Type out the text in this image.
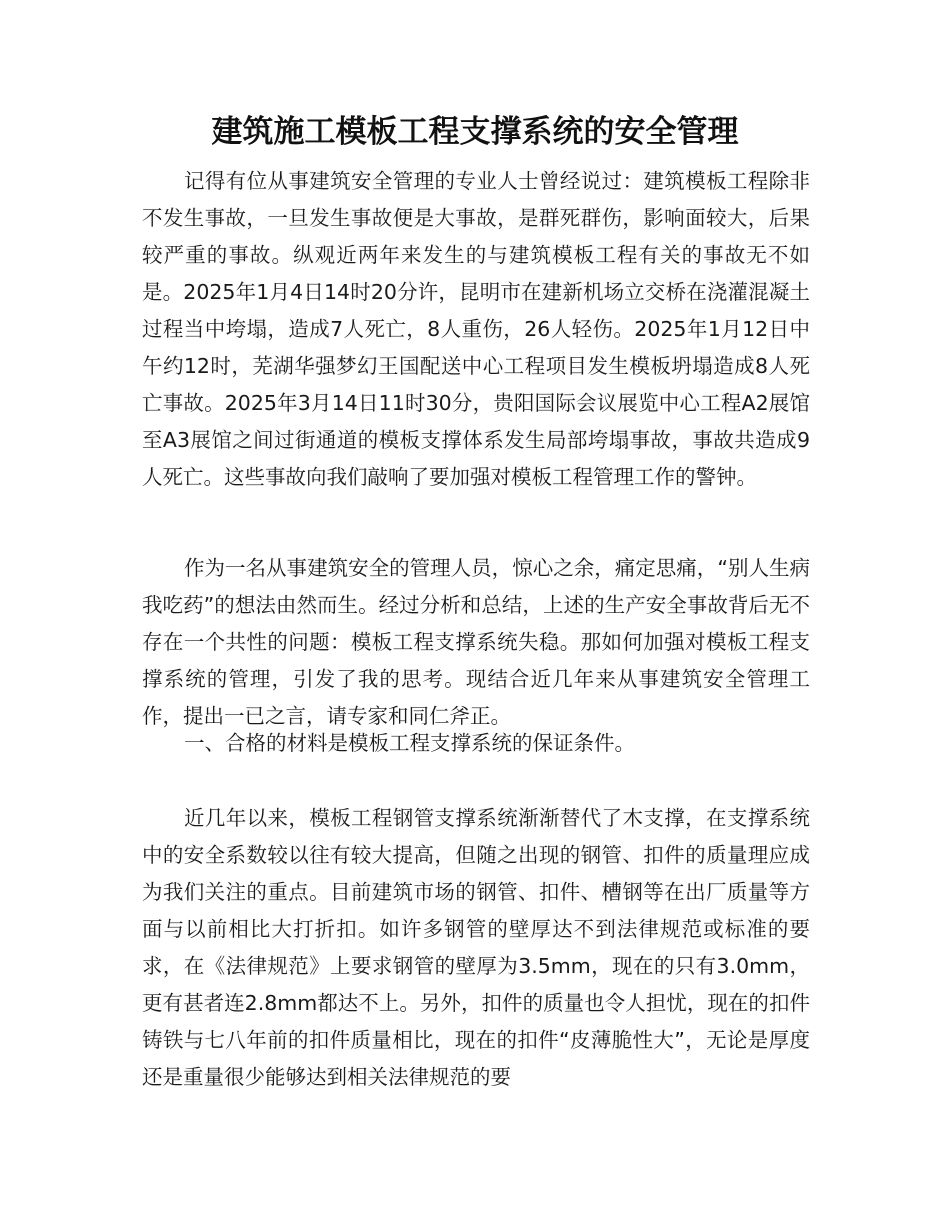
建筑施工模板工程支撑系统的安全管理

记得有位从事建筑安全管理的专业人士曾经说过：建筑模板工程除非不发生事故，一旦发生事故便是大事故，是群死群伤，影响面较大，后果较严重的事故。纵观近两年来发生的与建筑模板工程有关的事故无不如是。2025年1月4日14时20分许，昆明市在建新机场立交桥在浇灌混凝土过程当中垮塌，造成7人死亡，8人重伤，26人轻伤。2025年1月12日中午约12时，芜湖华强梦幻王国配送中心工程项目发生模板坍塌造成8人死亡事故。2025年3月14日11时30分，贵阳国际会议展览中心工程A2展馆至A3展馆之间过街通道的模板支撑体系发生局部垮塌事故，事故共造成9人死亡。这些事故向我们敲响了要加强对模板工程管理工作的警钟。

作为一名从事建筑安全的管理人员，惊心之余，痛定思痛，“别人生病我吃药”的想法由然而生。经过分析和总结，上述的生产安全事故背后无不存在一个共性的问题：模板工程支撑系统失稳。那如何加强对模板工程支撑系统的管理，引发了我的思考。现结合近几年来从事建筑安全管理工作，提出一已之言，请专家和同仁斧正。

一、合格的材料是模板工程支撑系统的保证条件。

近几年以来，模板工程钢管支撑系统渐渐替代了木支撑，在支撑系统中的安全系数较以往有较大提高，但随之出现的钢管、扣件的质量理应成为我们关注的重点。目前建筑市场的钢管、扣件、槽钢等在出厂质量等方面与以前相比大打折扣。如许多钢管的壁厚达不到法律规范或标准的要求，在《法律规范》上要求钢管的壁厚为3.5mm，现在的只有3.0mm，更有甚者连2.8mm都达不上。另外，扣件的质量也令人担忧，现在的扣件铸铁与七八年前的扣件质量相比，现在的扣件“皮薄脆性大”，无论是厚度还是重量很少能够达到相关法律规范的要
